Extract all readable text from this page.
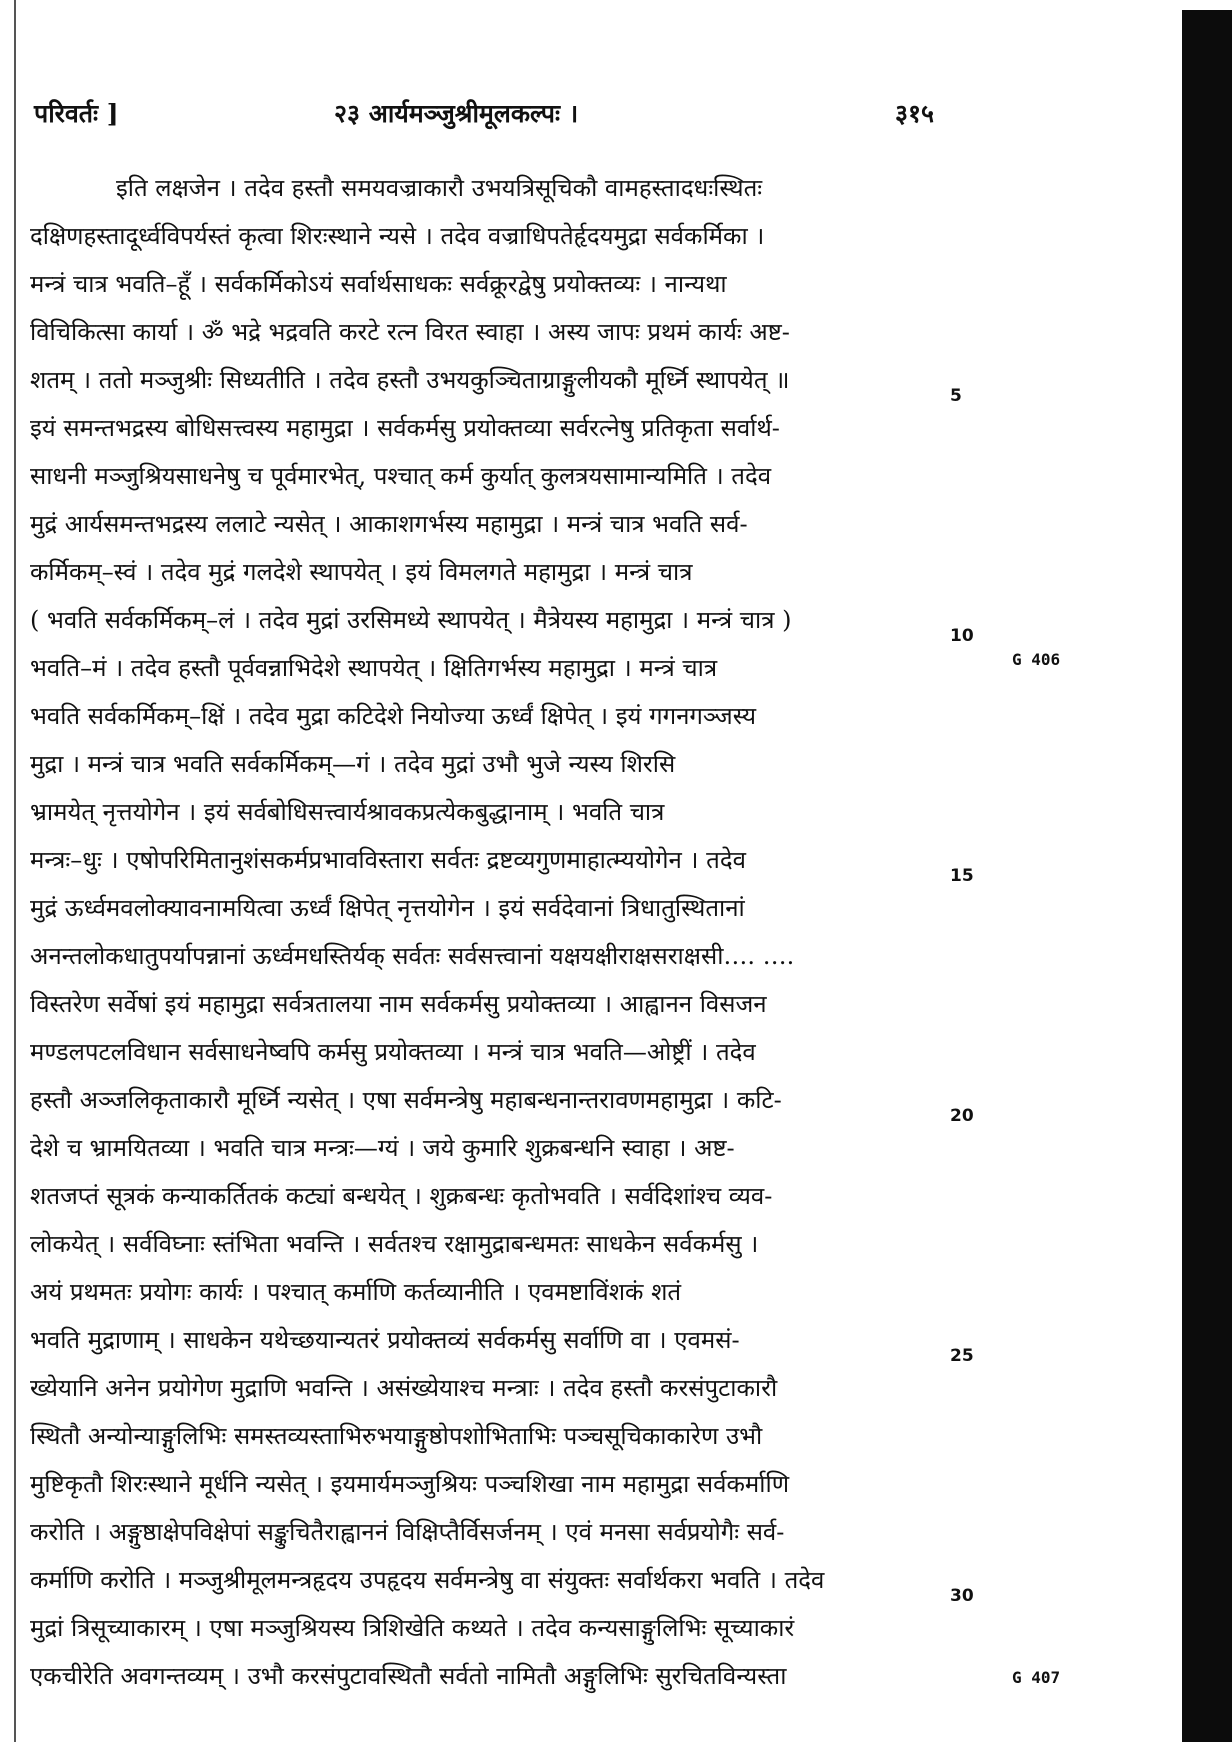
परिवर्तः ]	२३ आर्यमञ्जुश्रीमूलकल्पः ।	३१५
इति लक्षजेन । तदेव हस्तौ समयवज्राकारौ उभयत्रिसूचिकौ वामहस्तादधःस्थितः
दक्षिणहस्तादूर्ध्वविपर्यस्तं कृत्वा शिरःस्थाने न्यसे । तदेव वज्राधिपतेर्हृदयमुद्रा सर्वकर्मिका ।
मन्त्रं चात्र भवति–हूँ । सर्वकर्मिकोऽयं सर्वार्थसाधकः सर्वक्रूरद्वेषु प्रयोक्तव्यः । नान्यथा
विचिकित्सा कार्या । ॐ भद्रे भद्रवति करटे रत्न विरत स्वाहा । अस्य जापः प्रथमं कार्यः अष्ट-
शतम् । ततो मञ्जुश्रीः सिध्यतीति । तदेव हस्तौ उभयकुञ्चिताग्राङ्गुलीयकौ मूर्ध्नि स्थापयेत् ॥
इयं समन्तभद्रस्य बोधिसत्त्वस्य महामुद्रा । सर्वकर्मसु प्रयोक्तव्या सर्वरत्नेषु प्रतिकृता सर्वार्थ-
साधनी मञ्जुश्रियसाधनेषु च पूर्वमारभेत्, पश्चात् कर्म कुर्यात् कुलत्रयसामान्यमिति । तदेव
मुद्रं आर्यसमन्तभद्रस्य ललाटे न्यसेत् । आकाशगर्भस्य महामुद्रा । मन्त्रं चात्र भवति सर्व-
कर्मिकम्–स्वं । तदेव मुद्रं गलदेशे स्थापयेत् । इयं विमलगते महामुद्रा । मन्त्रं चात्र
( भवति सर्वकर्मिकम्–लं । तदेव मुद्रां उरसिमध्ये स्थापयेत् । मैत्रेयस्य महामुद्रा । मन्त्रं चात्र )
भवति–मं । तदेव हस्तौ पूर्ववन्नाभिदेशे स्थापयेत् । क्षितिगर्भस्य महामुद्रा । मन्त्रं चात्र
भवति सर्वकर्मिकम्–क्षिं । तदेव मुद्रा कटिदेशे नियोज्या ऊर्ध्वं क्षिपेत् । इयं गगनगञ्जस्य
मुद्रा । मन्त्रं चात्र भवति सर्वकर्मिकम्—गं । तदेव मुद्रां उभौ भुजे न्यस्य शिरसि
भ्रामयेत् नृत्तयोगेन । इयं सर्वबोधिसत्त्वार्यश्रावकप्रत्येकबुद्धानाम् । भवति चात्र
मन्त्रः–धुः । एषोपरिमितानुशंसकर्मप्रभावविस्तारा सर्वतः द्रष्टव्यगुणमाहात्म्ययोगेन । तदेव
मुद्रं ऊर्ध्वमवलोक्यावनामयित्वा ऊर्ध्वं क्षिपेत् नृत्तयोगेन । इयं सर्वदेवानां त्रिधातुस्थितानां
अनन्तलोकधातुपर्यापन्नानां ऊर्ध्वमधस्तिर्यक् सर्वतः सर्वसत्त्वानां यक्षयक्षीराक्षसराक्षसी…. ….
विस्तरेण सर्वेषां इयं महामुद्रा सर्वत्रतालया नाम सर्वकर्मसु प्रयोक्तव्या । आह्वानन विसजन
मण्डलपटलविधान सर्वसाधनेष्वपि कर्मसु प्रयोक्तव्या । मन्त्रं चात्र भवति—ओष्ट्रीं । तदेव
हस्तौ अञ्जलिकृताकारौ मूर्ध्नि न्यसेत् । एषा सर्वमन्त्रेषु महाबन्धनान्तरावणमहामुद्रा । कटि-
देशे च भ्रामयितव्या । भवति चात्र मन्त्रः—ग्यं । जये कुमारि शुक्रबन्धनि स्वाहा । अष्ट-
शतजप्तं सूत्रकं कन्याकर्तितकं कट्यां बन्धयेत् । शुक्रबन्धः कृतोभवति । सर्वदिशांश्च व्यव-
लोकयेत् । सर्वविघ्नाः स्तंभिता भवन्ति । सर्वतश्च रक्षामुद्राबन्धमतः साधकेन सर्वकर्मसु ।
अयं प्रथमतः प्रयोगः कार्यः । पश्चात् कर्माणि कर्तव्यानीति । एवमष्टाविंशकं शतं
भवति मुद्राणाम् । साधकेन यथेच्छयान्यतरं प्रयोक्तव्यं सर्वकर्मसु सर्वाणि वा । एवमसं-
ख्येयानि अनेन प्रयोगेण मुद्राणि भवन्ति । असंख्येयाश्च मन्त्राः । तदेव हस्तौ करसंपुटाकारौ
स्थितौ अन्योन्याङ्गुलिभिः समस्तव्यस्ताभिरुभयाङ्गुष्ठोपशोभिताभिः पञ्चसूचिकाकारेण उभौ
मुष्टिकृतौ शिरःस्थाने मूर्धनि न्यसेत् । इयमार्यमञ्जुश्रियः पञ्चशिखा नाम महामुद्रा सर्वकर्माणि
करोति । अङ्गुष्ठाक्षेपविक्षेपां सङ्कुचितैराह्वाननं विक्षिप्तैर्विसर्जनम् । एवं मनसा सर्वप्रयोगैः सर्व-
कर्माणि करोति । मञ्जुश्रीमूलमन्त्रहृदय उपहृदय सर्वमन्त्रेषु वा संयुक्तः सर्वार्थकरा भवति । तदेव
मुद्रां त्रिसूच्याकारम् । एषा मञ्जुश्रियस्य त्रिशिखेति कथ्यते । तदेव कन्यसाङ्गुलिभिः सूच्याकारं
एकचीरेति अवगन्तव्यम् । उभौ करसंपुटावस्थितौ सर्वतो नामितौ अङ्गुलिभिः सुरचितविन्यस्ता
5
10
15
20
25
30
G 406
G 407
